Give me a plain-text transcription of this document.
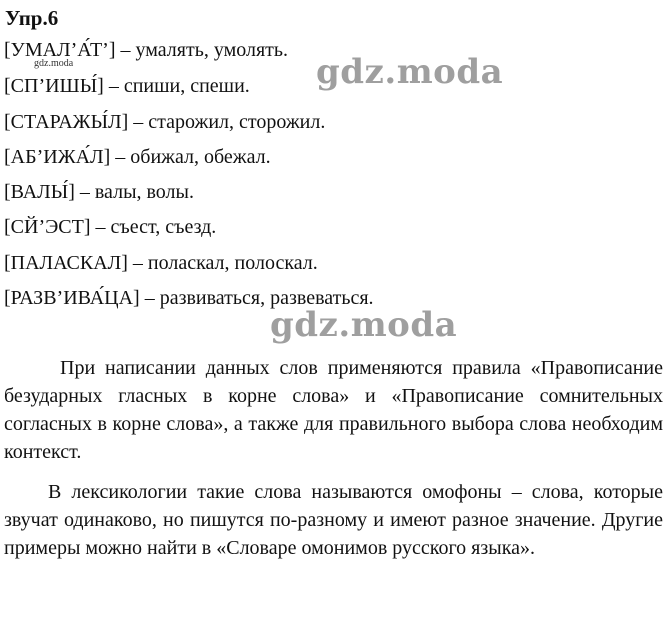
Упр.6
[УМАЛ’А́Т’] – умалять, умолять.
gdz.moda
[СП’ИШЫ́] – спиши, спеши.
[СТАРАЖЫ́Л] – старожил, сторожил.
[АБ’ИЖА́Л] – обижал, обежал.
[ВАЛЫ́] – валы, волы.
[СЙ’ЭСТ] – съест, съезд.
[ПАЛАСКАЛ] – поласкал, полоскал.
[РАЗВ’ИВА́ЦА] – развиваться, развеваться.
gdz.moda
gdz.moda
При написании данных слов применяются правила «Правописание безударных гласных в корне слова» и «Правописание сомнительных согласных в корне слова», а также для правильного выбора слова необходим контекст.
В лексикологии такие слова называются омофоны – слова, которые звучат одинаково, но пишутся по-разному и имеют разное значение. Другие примеры можно найти в «Словаре омонимов русского языка».
